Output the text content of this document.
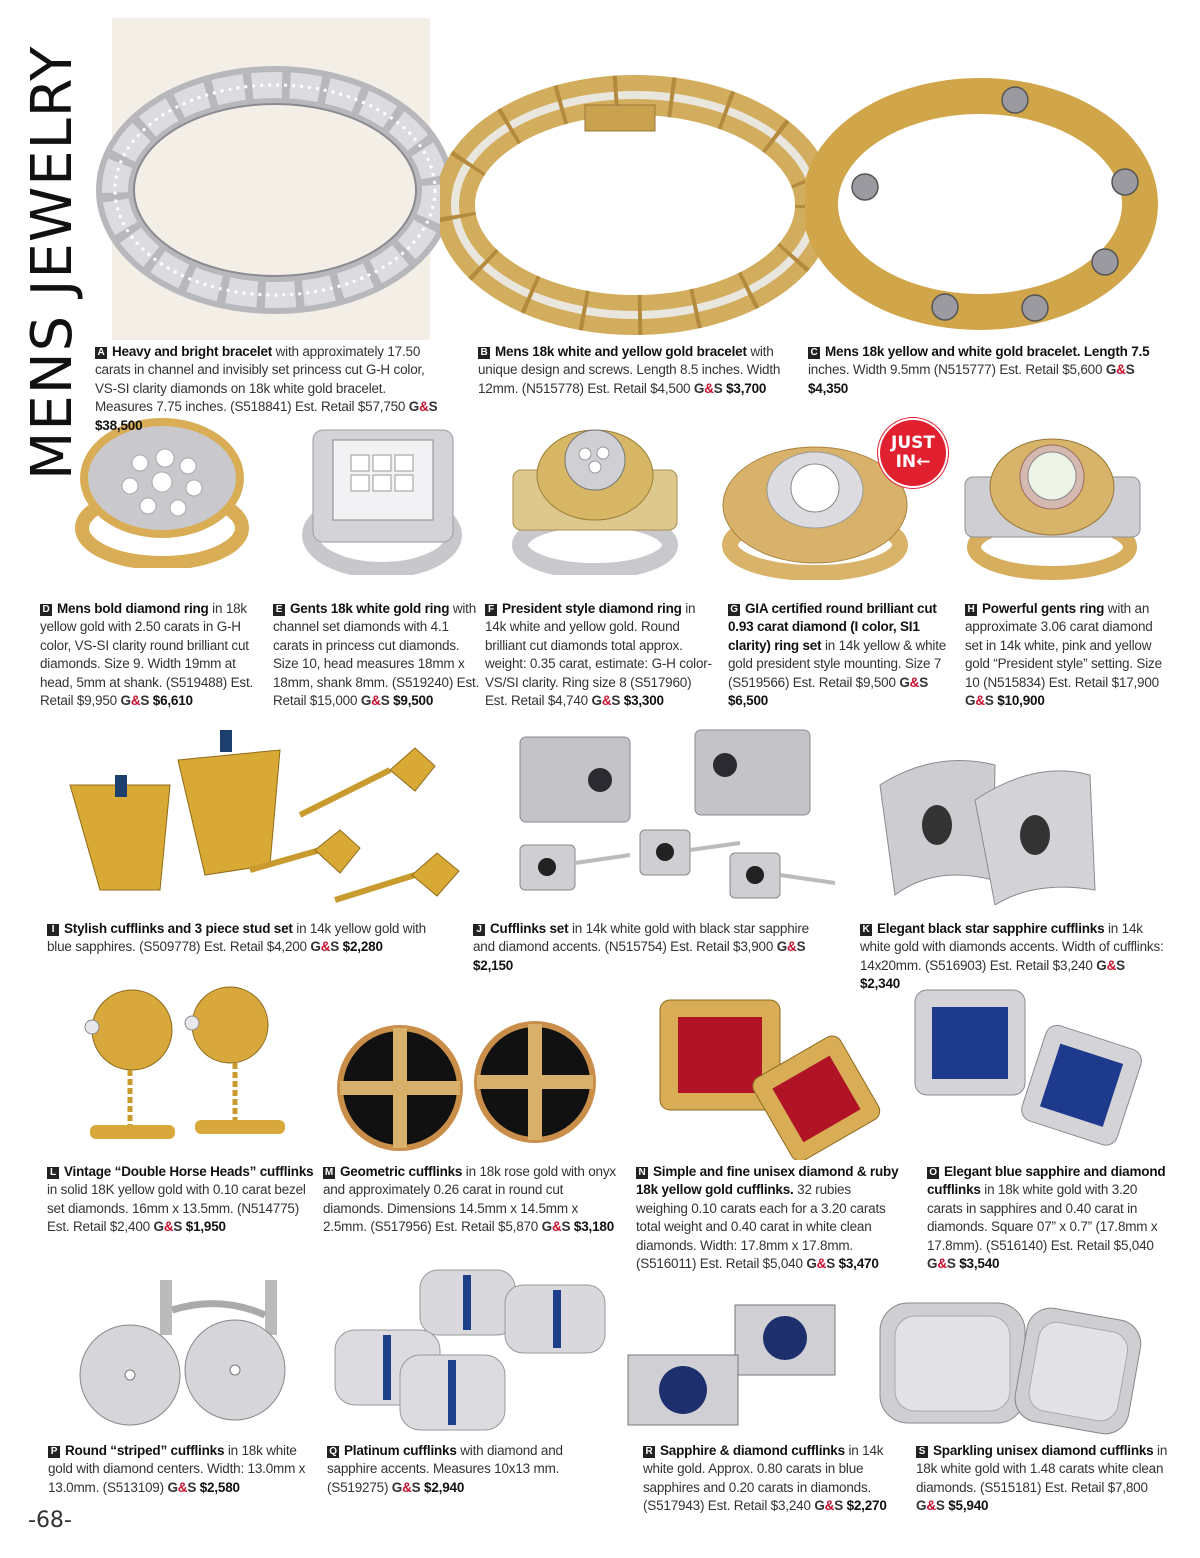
MENS JEWELRY	JUST
IN←
A Heavy and bright bracelet with approximately 17.50 carats in channel and invisibly set princess cut G-H color, VS-SI clarity diamonds on 18k white gold bracelet. Measures 7.75 inches. (S518841) Est. Retail $57,750 G&S $38,500
B Mens 18k white and yellow gold bracelet with unique design and screws. Length 8.5 inches. Width 12mm. (N515778) Est. Retail $4,500 G&S $3,700
C Mens 18k yellow and white gold bracelet. Length 7.5 inches. Width 9.5mm (N515777) Est. Retail $5,600 G&S $4,350
D Mens bold diamond ring in 18k yellow gold with 2.50 carats in G-H color, VS-SI clarity round brilliant cut diamonds. Size 9. Width 19mm at head, 5mm at shank. (S519488) Est. Retail $9,950 G&S $6,610
E Gents 18k white gold ring with channel set diamonds with 4.1 carats in princess cut diamonds. Size 10, head measures 18mm x 18mm, shank 8mm. (S519240) Est. Retail $15,000 G&S $9,500
F President style diamond ring in 14k white and yellow gold. Round brilliant cut diamonds total approx. weight: 0.35 carat, estimate: G-H color-VS/SI clarity. Ring size 8 (S517960) Est. Retail $4,740 G&S $3,300
G GIA certified round brilliant cut 0.93 carat diamond (I color, SI1 clarity) ring set in 14k yellow & white gold president style mounting. Size 7 (S519566) Est. Retail $9,500 G&S $6,500
H Powerful gents ring with an approximate 3.06 carat diamond set in 14k white, pink and yellow gold “President style” setting. Size 10 (N515834) Est. Retail $17,900 G&S $10,900
I Stylish cufflinks and 3 piece stud set in 14k yellow gold with blue sapphires. (S509778) Est. Retail $4,200 G&S $2,280
J Cufflinks set in 14k white gold with black star sapphire and diamond accents. (N515754) Est. Retail $3,900 G&S $2,150
K Elegant black star sapphire cufflinks in 14k white gold with diamonds accents. Width of cufflinks: 14x20mm. (S516903) Est. Retail $3,240 G&S $2,340
L Vintage “Double Horse Heads” cufflinks in solid 18K yellow gold with 0.10 carat bezel set diamonds. 16mm x 13.5mm. (N514775) Est. Retail $2,400 G&S $1,950
M Geometric cufflinks in 18k rose gold with onyx and approximately 0.26 carat in round cut diamonds. Dimensions 14.5mm x 14.5mm x 2.5mm. (S517956) Est. Retail $5,870 G&S $3,180
N Simple and fine unisex diamond & ruby 18k yellow gold cufflinks. 32 rubies weighing 0.10 carats each for a 3.20 carats total weight and 0.40 carat in white clean diamonds. Width: 17.8mm x 17.8mm. (S516011) Est. Retail $5,040 G&S $3,470
O Elegant blue sapphire and diamond cufflinks in 18k white gold with 3.20 carats in sapphires and 0.40 carat in diamonds. Square 07” x 0.7” (17.8mm x 17.8mm). (S516140) Est. Retail $5,040 G&S $3,540
P Round “striped” cufflinks in 18k white gold with diamond centers. Width: 13.0mm x 13.0mm. (S513109) G&S $2,580
Q Platinum cufflinks with diamond and sapphire accents. Measures 10x13 mm. (S519275) G&S $2,940
R Sapphire & diamond cufflinks in 14k white gold. Approx. 0.80 carats in blue sapphires and 0.20 carats in diamonds. (S517943) Est. Retail $3,240 G&S $2,270
S Sparkling unisex diamond cufflinks in 18k white gold with 1.48 carats white clean diamonds. (S515181) Est. Retail $7,800 G&S $5,940
-68-
